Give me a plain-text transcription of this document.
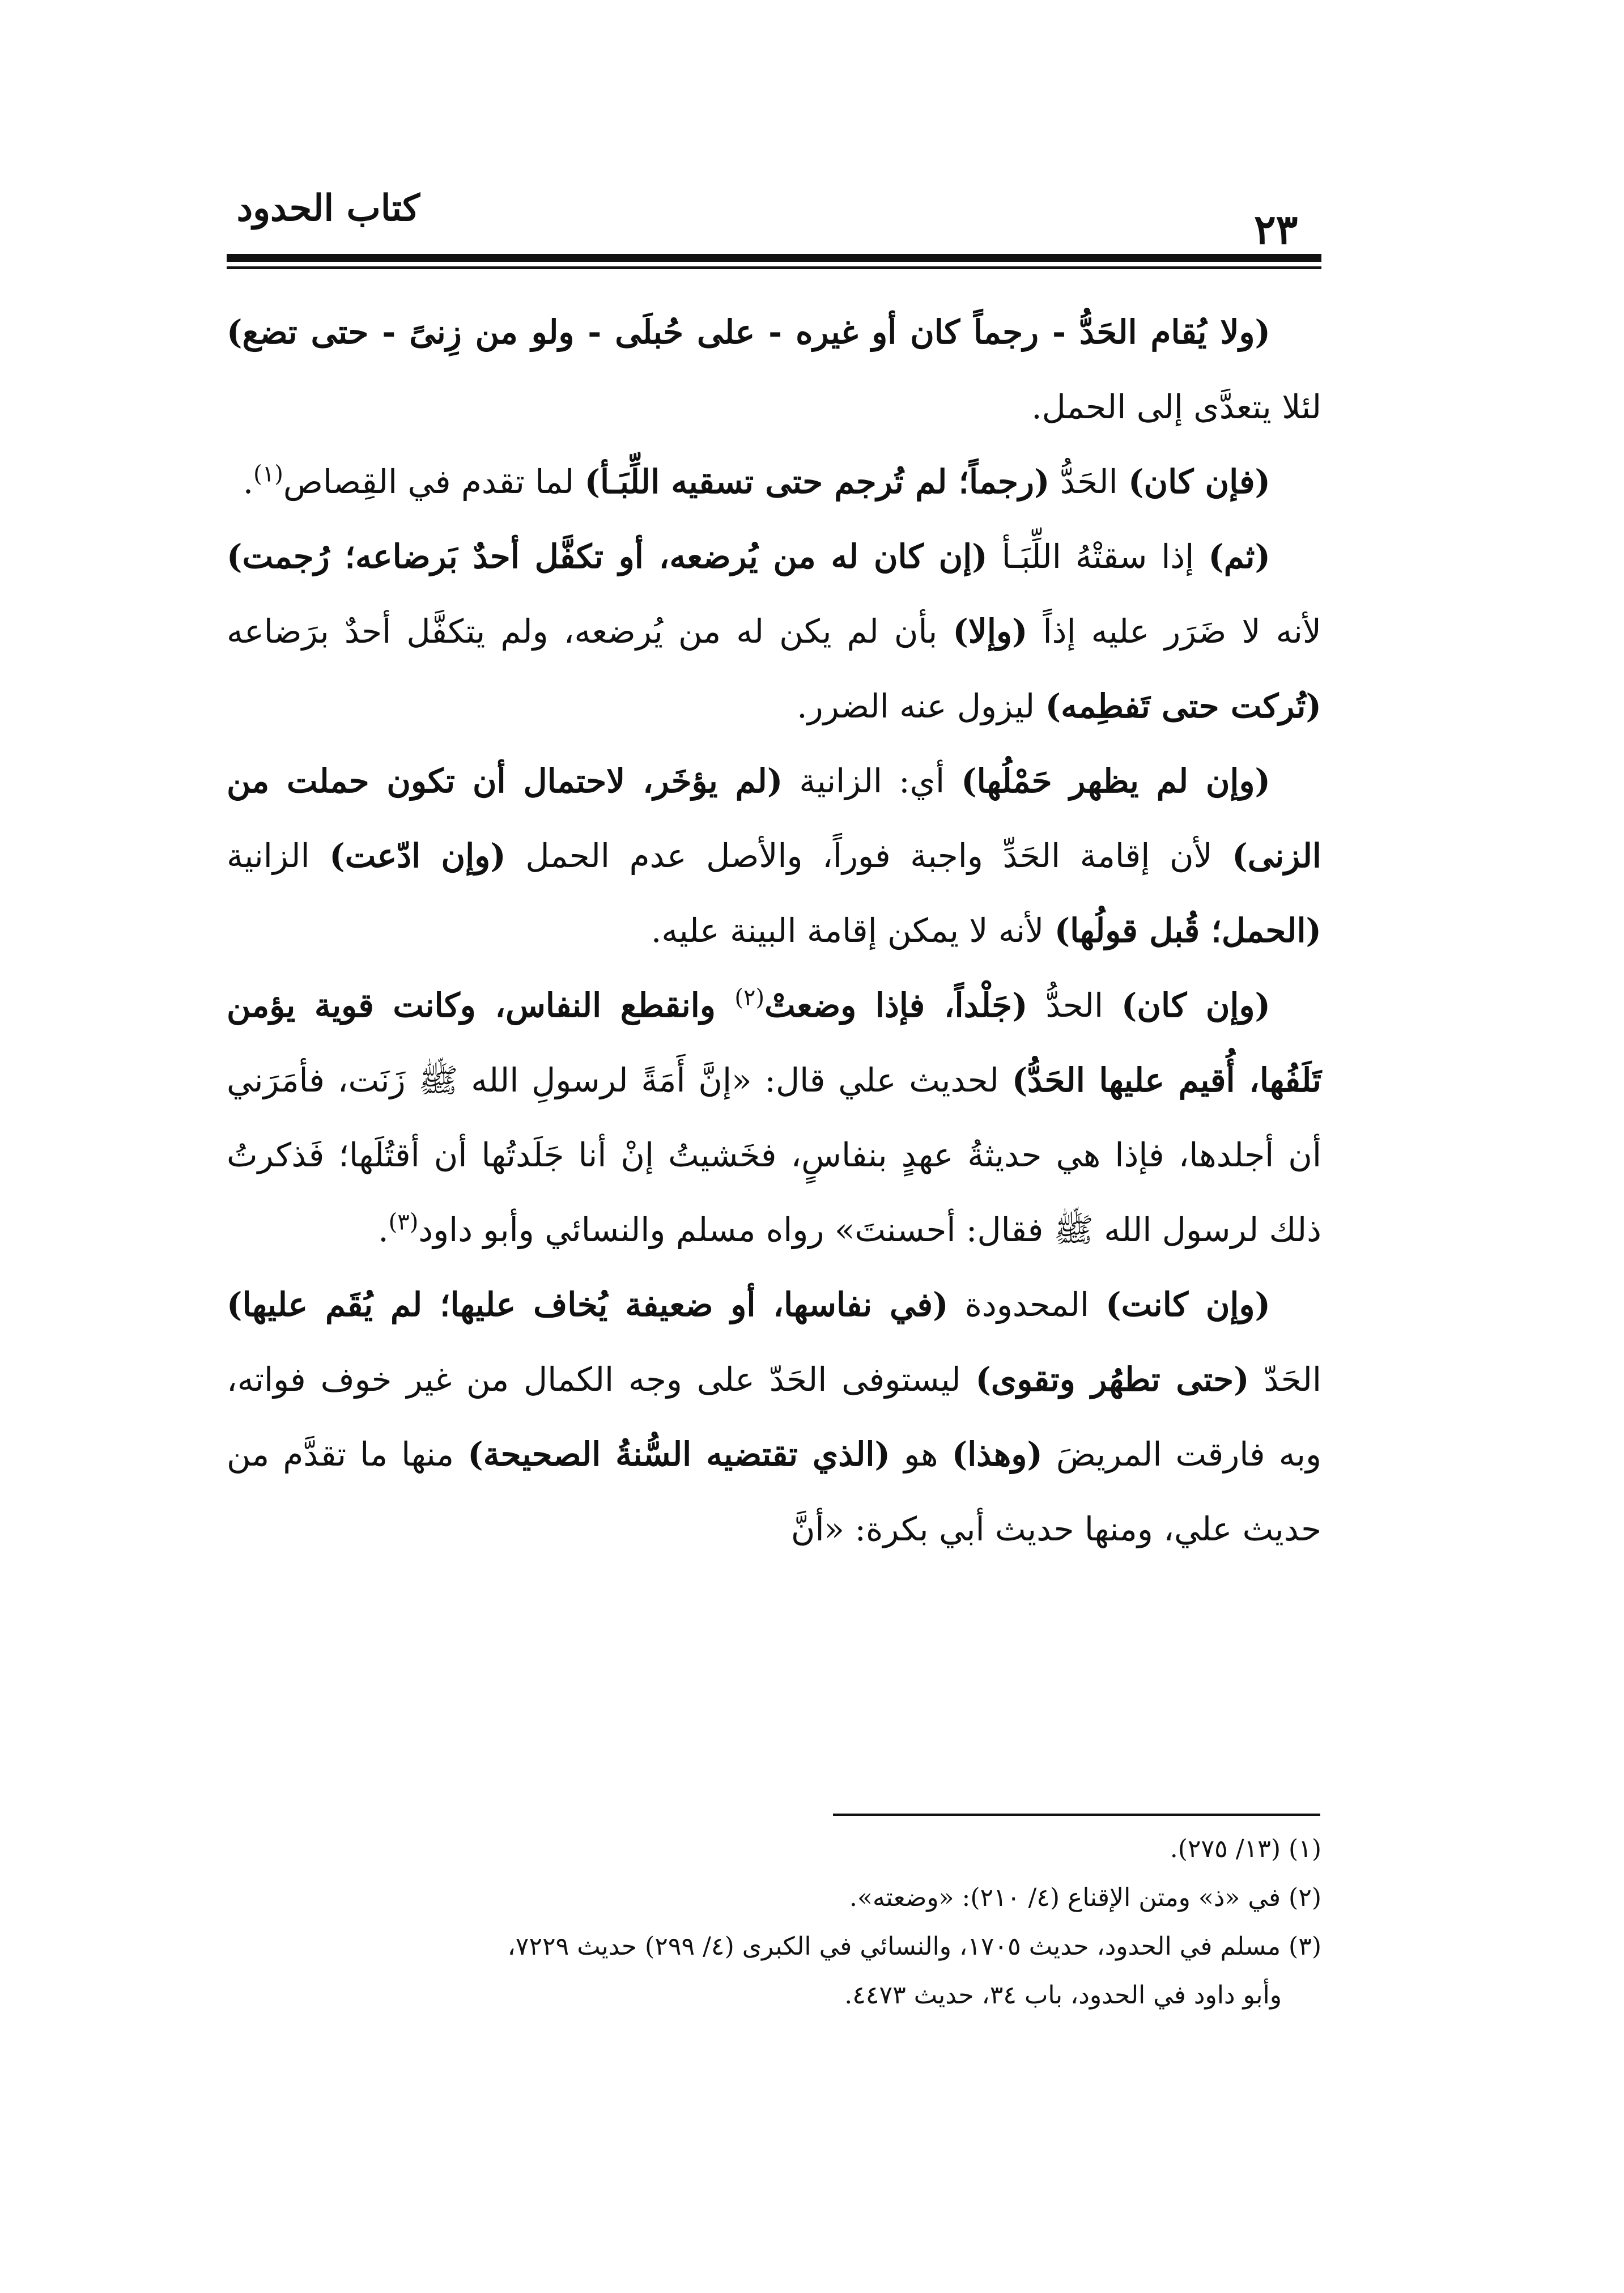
كتاب الحدود	٢٣

(ولا يُقام الحَدُّ - رجماً كان أو غيره - على حُبلَى - ولو من زِنىً - حتى تضع) لئلا يتعدَّى إلى الحمل.

(فإن كان) الحَدُّ (رجماً؛ لم تُرجم حتى تسقيه اللِّبَـأ) لما تقدم في القِصاص$^{(١)}$.

(ثم) إذا سقتْهُ اللِّبَـأ (إن كان له من يُرضعه، أو تكفَّل أحدٌ بَرضاعه؛ رُجمت) لأنه لا ضَرَر عليه إذاً (وإلا) بأن لم يكن له من يُرضعه، ولم يتكفَّل أحدٌ برَضاعه (تُركت حتى تَفطِمه) ليزول عنه الضرر.

(وإن لم يظهر حَمْلُها) أي: الزانية (لم يؤخَر، لاحتمال أن تكون حملت من الزنى) لأن إقامة الحَدِّ واجبة فوراً، والأصل عدم الحمل (وإن ادّعت) الزانية (الحمل؛ قُبل قولُها) لأنه لا يمكن إقامة البينة عليه.

(وإن كان) الحدُّ (جَلْداً، فإذا وضعتْ$^{(٢)}$ وانقطع النفاس، وكانت قوية يؤمن تَلَفُها، أُقيم عليها الحَدُّ) لحديث علي قال: «إنَّ أَمَةً لرسولِ الله ﷺ زَنَت، فأمَرَني أن أجلدها، فإذا هي حديثةُ عهدٍ بنفاسٍ، فخَشيتُ إنْ أنا جَلَدتُها أن أقتُلَها؛ فَذكرتُ ذلك لرسول الله ﷺ فقال: أحسنتَ» رواه مسلم والنسائي وأبو داود$^{(٣)}$.

(وإن كانت) المحدودة (في نفاسها، أو ضعيفة يُخاف عليها؛ لم يُقَم عليها) الحَدّ (حتى تطهُر وتقوى) ليستوفى الحَدّ على وجه الكمال من غير خوف فواته، وبه فارقت المريضَ (وهذا) هو (الذي تقتضيه السُّنةُ الصحيحة) منها ما تقدَّم من حديث علي، ومنها حديث أبي بكرة: «أنَّ

(١) (١٣/ ٢٧٥).

(٢) في «ذ» ومتن الإقناع (٤/ ٢١٠): «وضعته».

(٣) مسلم في الحدود، حديث ١٧٠٥، والنسائي في الكبرى (٤/ ٢٩٩) حديث ٧٢٢٩،

وأبو داود في الحدود، باب ٣٤، حديث ٤٤٧٣.
